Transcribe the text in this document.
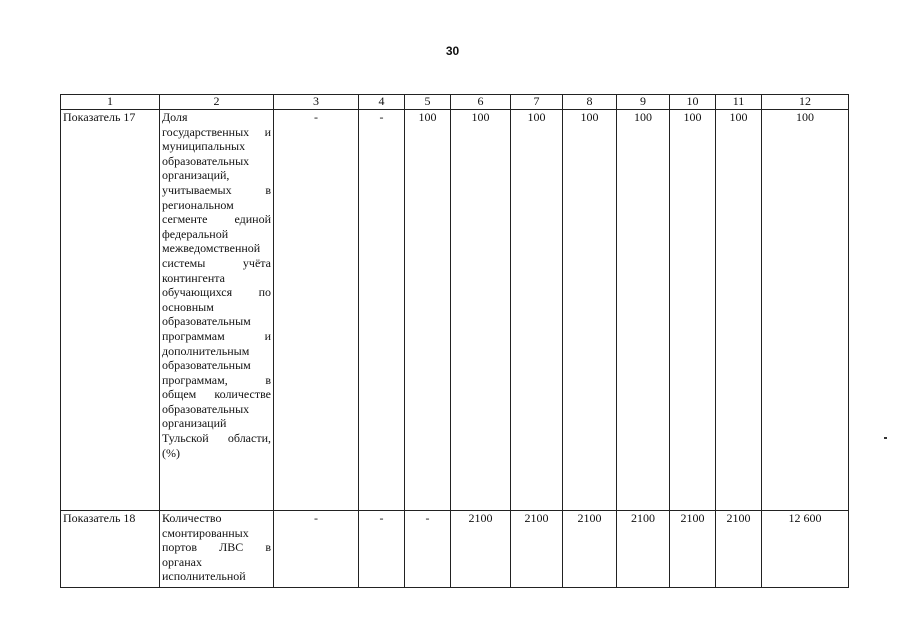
30
1	2	3	4	5	6	7	8	9	10	11	12
Показатель 17	Доля государственных и муниципальных образовательных организаций, учитываемых в региональном сегменте единой федеральной межведомственной системы учёта контингента обучающихся по основным образовательным программам и дополнительным образовательным программам, в общем количестве образовательных организаций Тульской области, (%)	-	-	100	100	100	100	100	100	100	100
Показатель 18	Количество смонтированных портов ЛВС в органах исполнительной	-	-	-	2100	2100	2100	2100	2100	2100	12 600
